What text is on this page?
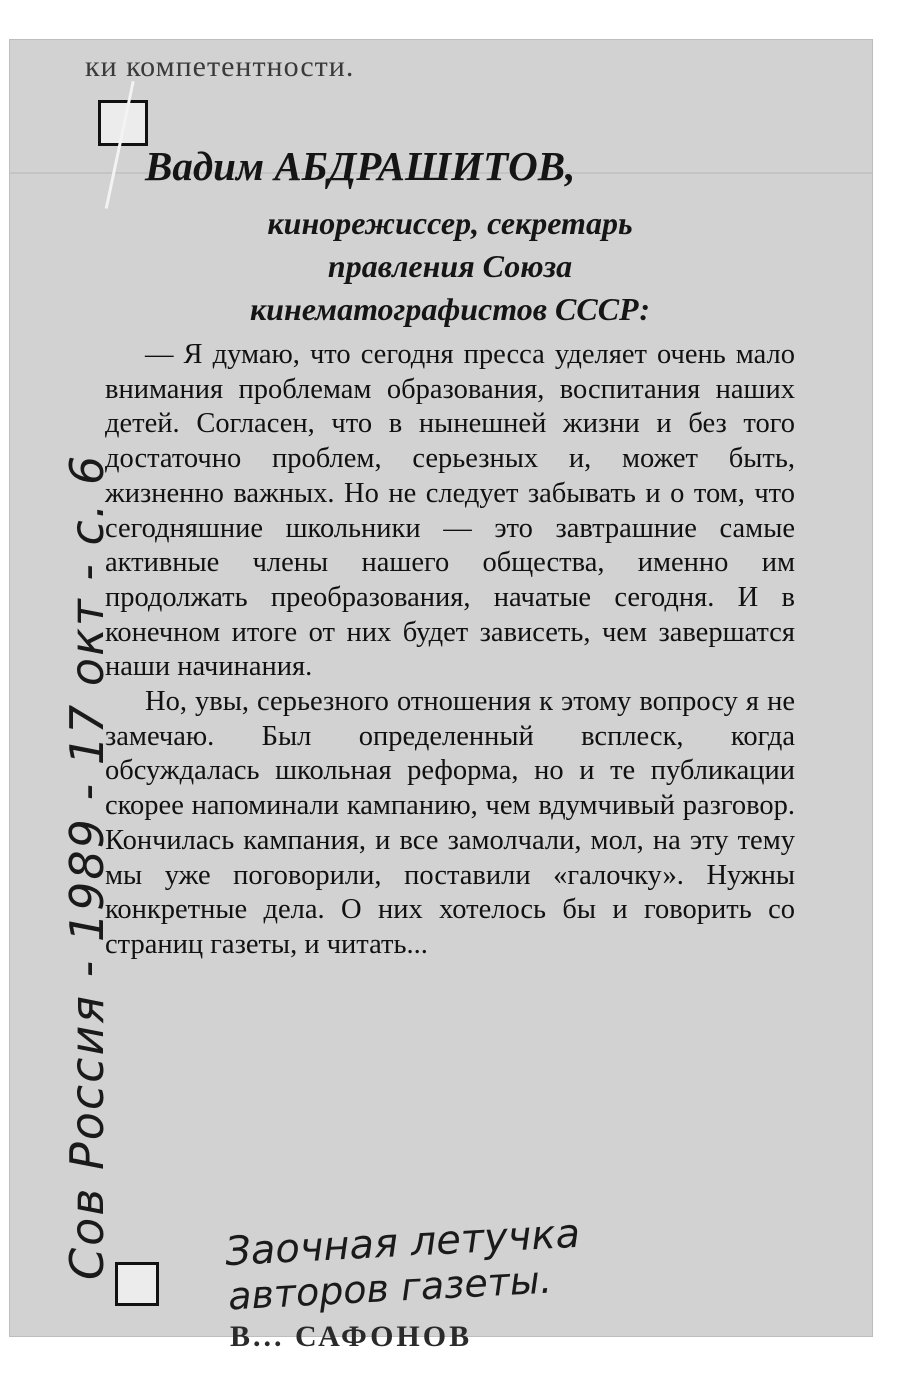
ки компетентности.
Вадим АБДРАШИТОВ,
кинорежиссер, секретарь
правления Союза
кинематографистов СССР:

— Я думаю, что сегодня пресса уделяет очень мало внимания проблемам образования, воспитания наших детей. Согласен, что в нынешней жизни и без того достаточно проблем, серьезных и, может быть, жизненно важных. Но не следует забывать и о том, что сегодняшние школьники — это завтрашние самые активные члены нашего общества, именно им продолжать преобразования, начатые сегодня. И в конечном итоге от них будет зависеть, чем завершатся наши начинания.

Но, увы, серьезного отношения к этому вопросу я не замечаю. Был определенный всплеск, когда обсуждалась школьная реформа, но и те публикации скорее напоминали кампанию, чем вдумчивый разговор. Кончилась кампания, и все замолчали, мол, на эту тему мы уже поговорили, поставили «галочку». Нужны конкретные дела. О них хотелось бы и говорить со страниц газеты, и читать...

Сов Россия - 1989 - 17 окт - с. 6	Заочная летучка
авторов газеты.
В... САФОНОВ
